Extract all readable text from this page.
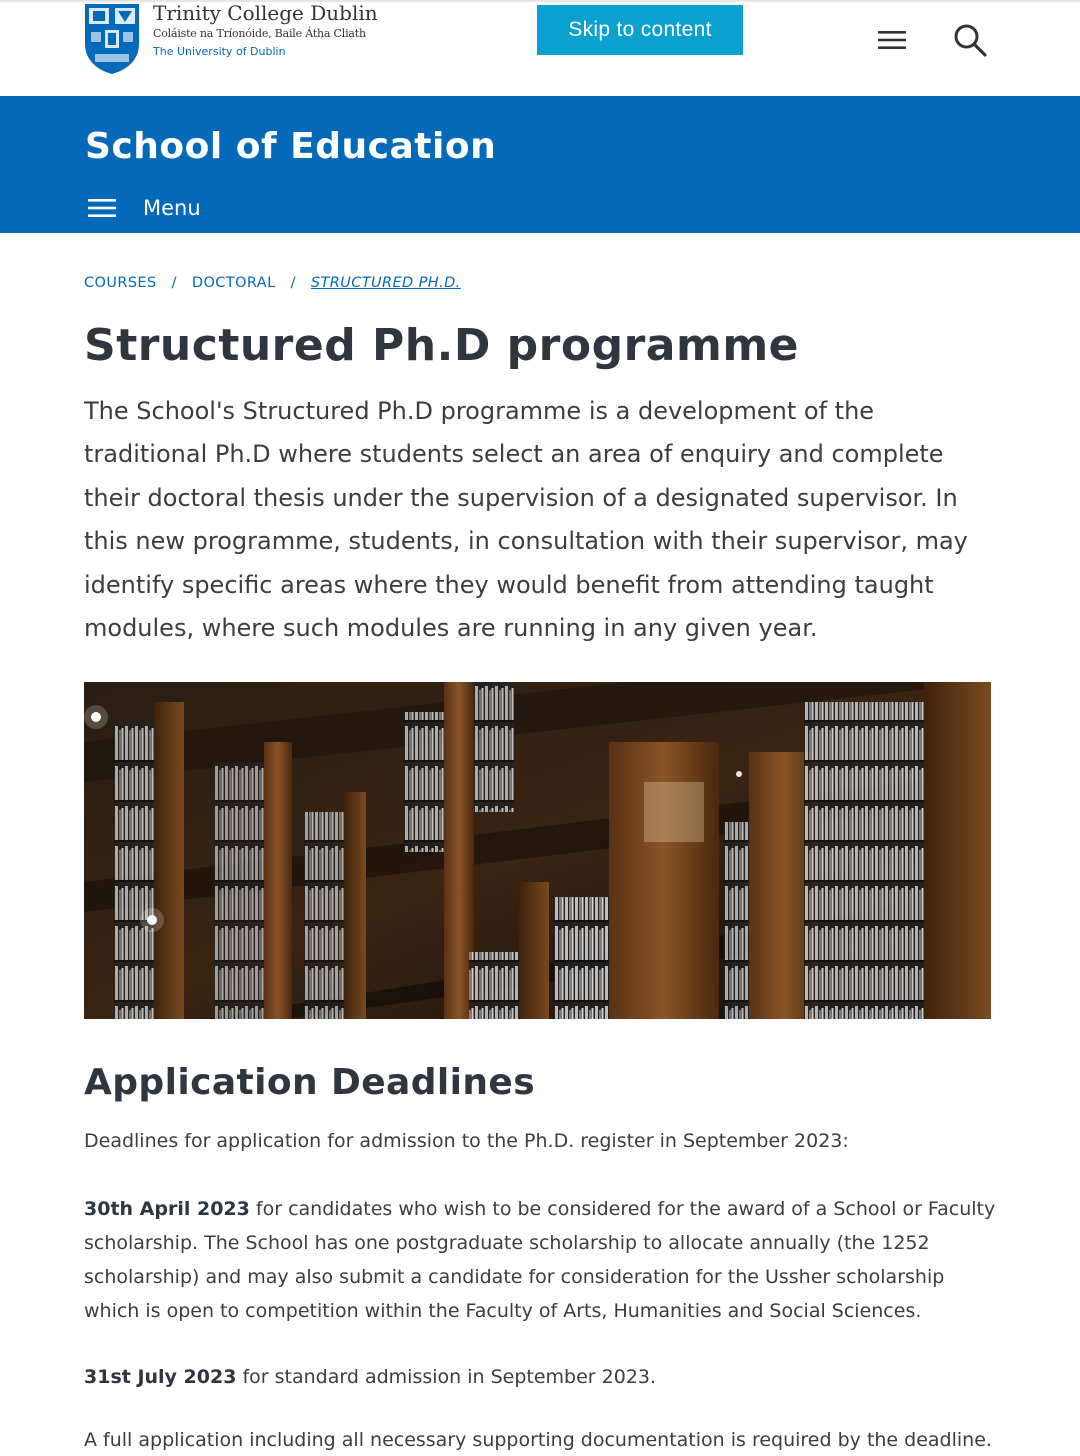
Trinity College Dublin
Coláiste na Tríonóide, Baile Átha Cliath
The University of Dublin
Skip to content
School of Education
Menu
COURSES / DOCTORAL / STRUCTURED PH.D.
Structured Ph.D programme

The School's Structured Ph.D programme is a development of the traditional Ph.D where students select an area of enquiry and complete their doctoral thesis under the supervision of a designated supervisor. In this new programme, students, in consultation with their supervisor, may identify specific areas where they would benefit from attending taught modules, where such modules are running in any given year.

Application Deadlines

Deadlines for application for admission to the Ph.D. register in September 2023:

30th April 2023 for candidates who wish to be considered for the award of a School or Faculty scholarship. The School has one postgraduate scholarship to allocate annually (the 1252 scholarship) and may also submit a candidate for consideration for the Ussher scholarship which is open to competition within the Faculty of Arts, Humanities and Social Sciences.

31st July 2023 for standard admission in September 2023.

A full application including all necessary supporting documentation is required by the deadline.
